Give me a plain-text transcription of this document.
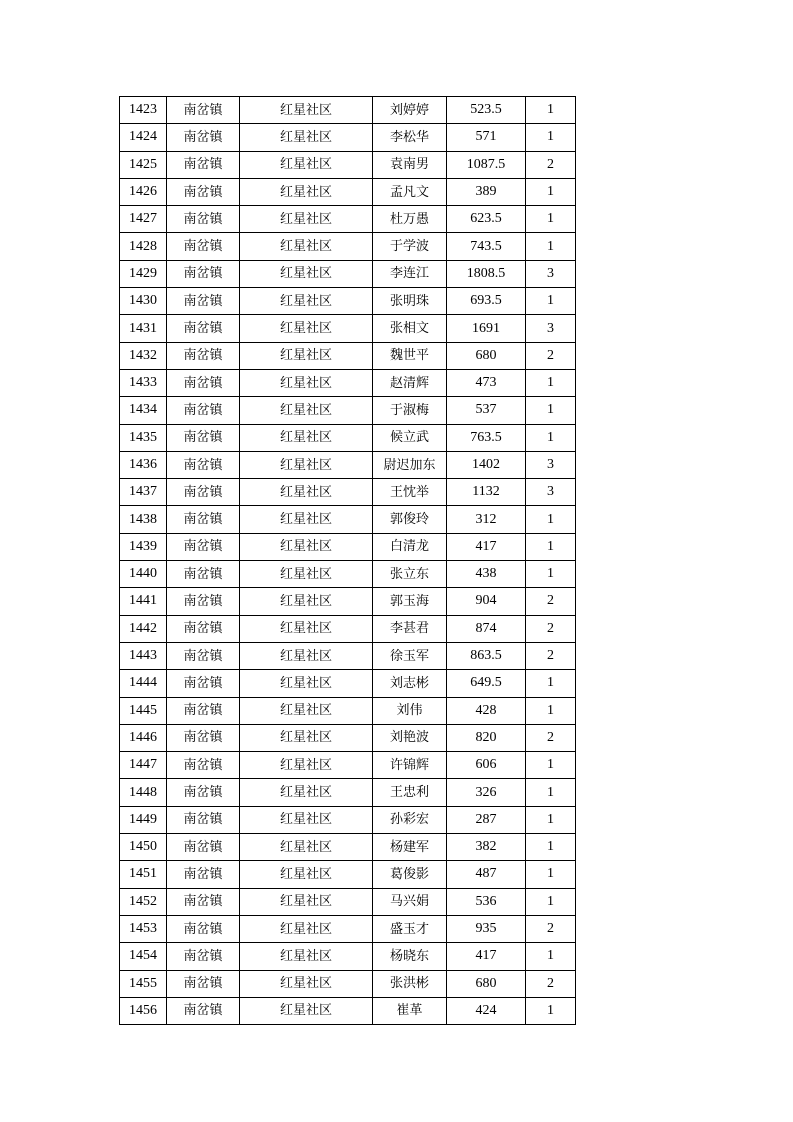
1423	南岔镇	红星社区	刘婷婷	523.5	1
1424	南岔镇	红星社区	李松华	571	1
1425	南岔镇	红星社区	袁南男	1087.5	2
1426	南岔镇	红星社区	孟凡文	389	1
1427	南岔镇	红星社区	杜万愚	623.5	1
1428	南岔镇	红星社区	于学波	743.5	1
1429	南岔镇	红星社区	李连江	1808.5	3
1430	南岔镇	红星社区	张明珠	693.5	1
1431	南岔镇	红星社区	张相文	1691	3
1432	南岔镇	红星社区	魏世平	680	2
1433	南岔镇	红星社区	赵清辉	473	1
1434	南岔镇	红星社区	于淑梅	537	1
1435	南岔镇	红星社区	候立武	763.5	1
1436	南岔镇	红星社区	尉迟加东	1402	3
1437	南岔镇	红星社区	王忱举	1132	3
1438	南岔镇	红星社区	郭俊玲	312	1
1439	南岔镇	红星社区	白清龙	417	1
1440	南岔镇	红星社区	张立东	438	1
1441	南岔镇	红星社区	郭玉海	904	2
1442	南岔镇	红星社区	李甚君	874	2
1443	南岔镇	红星社区	徐玉军	863.5	2
1444	南岔镇	红星社区	刘志彬	649.5	1
1445	南岔镇	红星社区	刘伟	428	1
1446	南岔镇	红星社区	刘艳波	820	2
1447	南岔镇	红星社区	许锦辉	606	1
1448	南岔镇	红星社区	王忠利	326	1
1449	南岔镇	红星社区	孙彩宏	287	1
1450	南岔镇	红星社区	杨建军	382	1
1451	南岔镇	红星社区	葛俊影	487	1
1452	南岔镇	红星社区	马兴娟	536	1
1453	南岔镇	红星社区	盛玉才	935	2
1454	南岔镇	红星社区	杨晓东	417	1
1455	南岔镇	红星社区	张洪彬	680	2
1456	南岔镇	红星社区	崔革	424	1
